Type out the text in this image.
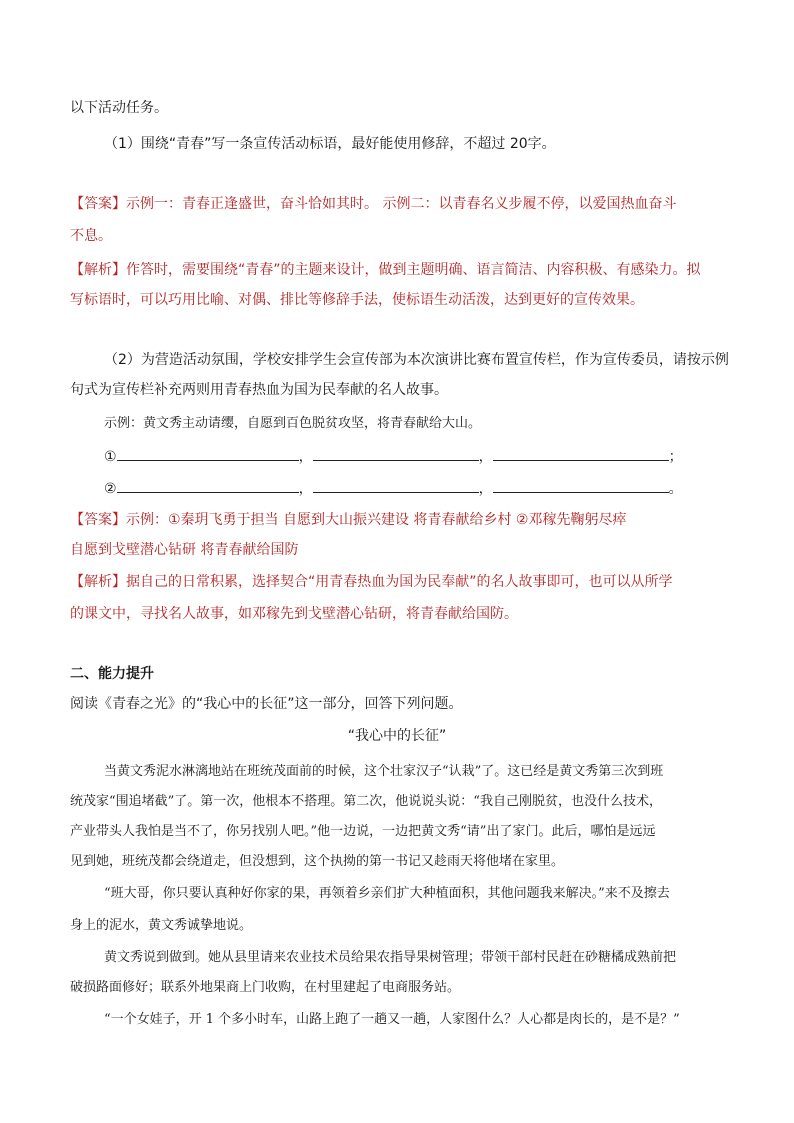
以下活动任务。
（1）围绕“青春”写一条宣传活动标语，最好能使用修辞，不超过 20字。
【答案】示例一：青春正逢盛世，奋斗恰如其时。 示例二：以青春名义步履不停，以爱国热血奋斗
不息。
【解析】作答时，需要围绕“青春”的主题来设计，做到主题明确、语言简洁、内容积极、有感染力。拟
写标语时，可以巧用比喻、对偶、排比等修辞手法，使标语生动活泼，达到更好的宣传效果。
（2）为营造活动氛围，学校安排学生会宣传部为本次演讲比赛布置宣传栏，作为宣传委员，请按示例
句式为宣传栏补充两则用青春热血为国为民奉献的名人故事。
示例：黄文秀主动请缨，自愿到百色脱贫攻坚，将青春献给大山。
①	，	，	；
②	，	，	。
【答案】示例：①秦玥飞勇于担当 自愿到大山振兴建设 将青春献给乡村 ②邓稼先鞠躬尽瘁
自愿到戈壁潜心钻研 将青春献给国防
【解析】据自己的日常积累，选择契合“用青春热血为国为民奉献”的名人故事即可，也可以从所学
的课文中，寻找名人故事，如邓稼先到戈壁潜心钻研，将青春献给国防。
二、能力提升
阅读《青春之光》的“我心中的长征”这一部分，回答下列问题。
“我心中的长征”
当黄文秀泥水淋漓地站在班统茂面前的时候，这个壮家汉子“认栽”了。这已经是黄文秀第三次到班
统茂家“围追堵截”了。第一次，他根本不搭理。第二次，他说说头说：“我自己刚脱贫，也没什么技术，
产业带头人我怕是当不了，你另找别人吧。”他一边说，一边把黄文秀“请”出了家门。此后，哪怕是远远
见到她，班统茂都会绕道走，但没想到，这个执拗的第一书记又趁雨天将他堵在家里。
“班大哥，你只要认真种好你家的果，再领着乡亲们扩大种植面积，其他问题我来解决。”来不及擦去
身上的泥水，黄文秀诚挚地说。
黄文秀说到做到。她从县里请来农业技术员给果农指导果树管理；带领干部村民赶在砂糖橘成熟前把
破损路面修好；联系外地果商上门收购，在村里建起了电商服务站。
“一个女娃子，开 1 个多小时车，山路上跑了一趟又一趟，人家图什么？人心都是肉长的，是不是？”
